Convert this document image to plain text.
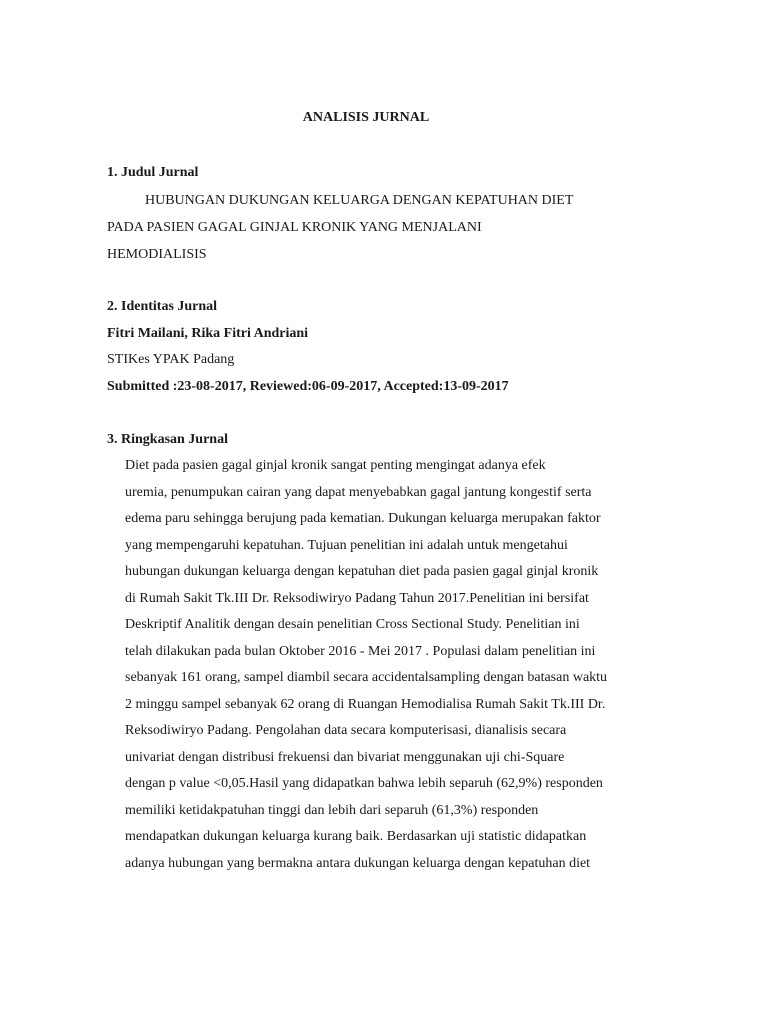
ANALISIS JURNAL

1. Judul Jurnal

HUBUNGAN DUKUNGAN KELUARGA DENGAN KEPATUHAN DIET

PADA PASIEN GAGAL GINJAL KRONIK YANG MENJALANI

HEMODIALISIS

2. Identitas Jurnal

Fitri Mailani, Rika Fitri Andriani

STIKes YPAK Padang

Submitted :23-08-2017, Reviewed:06-09-2017, Accepted:13-09-2017

3. Ringkasan Jurnal

Diet pada pasien gagal ginjal kronik sangat penting mengingat adanya efek
uremia, penumpukan cairan yang dapat menyebabkan gagal jantung kongestif serta
edema paru sehingga berujung pada kematian. Dukungan keluarga merupakan faktor
yang mempengaruhi kepatuhan. Tujuan penelitian ini adalah untuk mengetahui
hubungan dukungan keluarga dengan kepatuhan diet pada pasien gagal ginjal kronik
di Rumah Sakit Tk.III Dr. Reksodiwiryo Padang Tahun 2017.Penelitian ini bersifat
Deskriptif Analitik dengan desain penelitian Cross Sectional Study. Penelitian ini
telah dilakukan pada bulan Oktober 2016 - Mei 2017 . Populasi dalam penelitian ini
sebanyak 161 orang, sampel diambil secara accidentalsampling dengan batasan waktu
2 minggu sampel sebanyak 62 orang di Ruangan Hemodialisa Rumah Sakit Tk.III Dr.
Reksodiwiryo Padang. Pengolahan data secara komputerisasi, dianalisis secara
univariat dengan distribusi frekuensi dan bivariat menggunakan uji chi-Square
dengan p value <0,05.Hasil yang didapatkan bahwa lebih separuh (62,9%) responden
memiliki ketidakpatuhan tinggi dan lebih dari separuh (61,3%) responden
mendapatkan dukungan keluarga kurang baik. Berdasarkan uji statistic didapatkan
adanya hubungan yang bermakna antara dukungan keluarga dengan kepatuhan diet
